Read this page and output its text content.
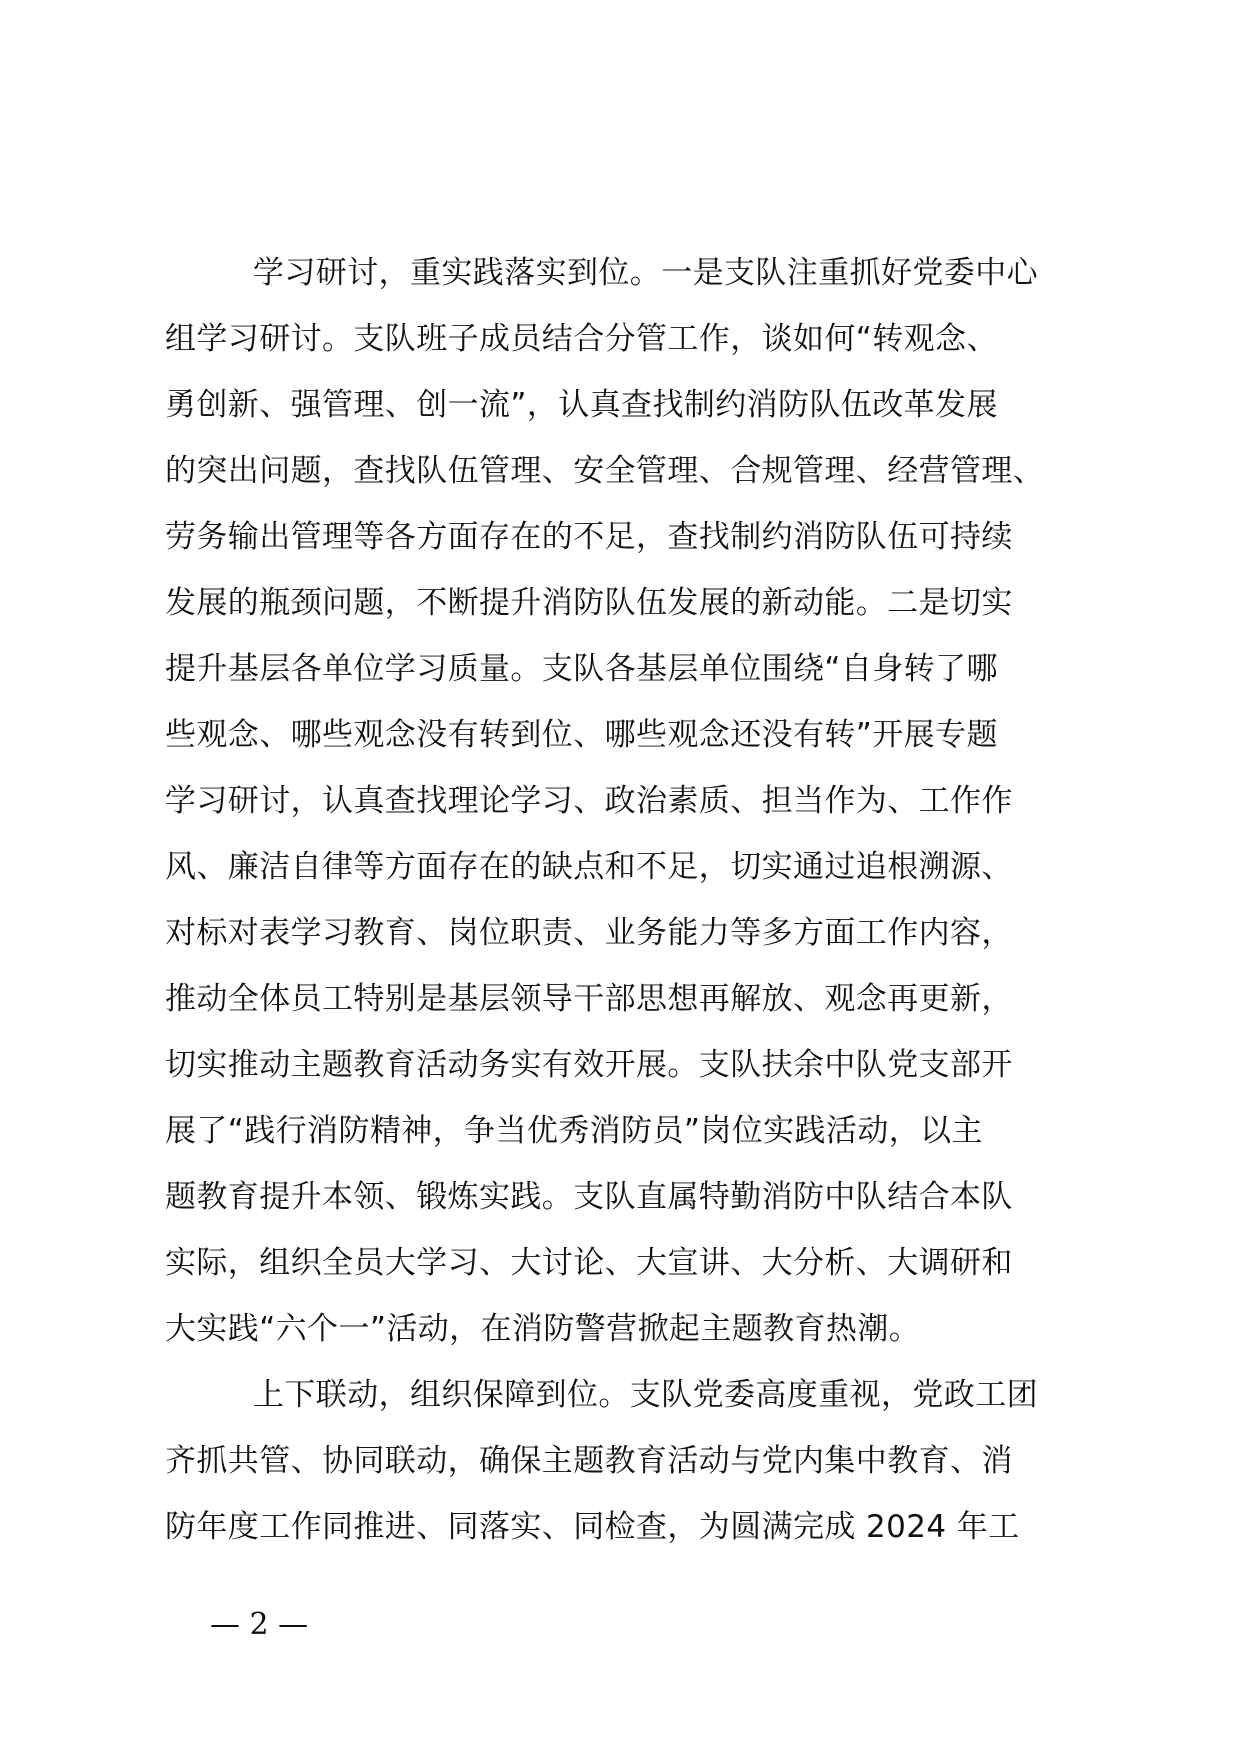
学习研讨，重实践落实到位。一是支队注重抓好党委中心
组学习研讨。支队班子成员结合分管工作，谈如何“转观念、
勇创新、强管理、创一流”，认真查找制约消防队伍改革发展
的突出问题，查找队伍管理、安全管理、合规管理、经营管理、
劳务输出管理等各方面存在的不足，查找制约消防队伍可持续
发展的瓶颈问题，不断提升消防队伍发展的新动能。二是切实
提升基层各单位学习质量。支队各基层单位围绕“自身转了哪
些观念、哪些观念没有转到位、哪些观念还没有转”开展专题
学习研讨，认真查找理论学习、政治素质、担当作为、工作作
风、廉洁自律等方面存在的缺点和不足，切实通过追根溯源、
对标对表学习教育、岗位职责、业务能力等多方面工作内容，
推动全体员工特别是基层领导干部思想再解放、观念再更新，
切实推动主题教育活动务实有效开展。支队扶余中队党支部开
展了“践行消防精神，争当优秀消防员”岗位实践活动，以主
题教育提升本领、锻炼实践。支队直属特勤消防中队结合本队
实际，组织全员大学习、大讨论、大宣讲、大分析、大调研和
大实践“六个一”活动，在消防警营掀起主题教育热潮。
上下联动，组织保障到位。支队党委高度重视，党政工团
齐抓共管、协同联动，确保主题教育活动与党内集中教育、消
防年度工作同推进、同落实、同检查，为圆满完成 2024 年工
— 2 —
